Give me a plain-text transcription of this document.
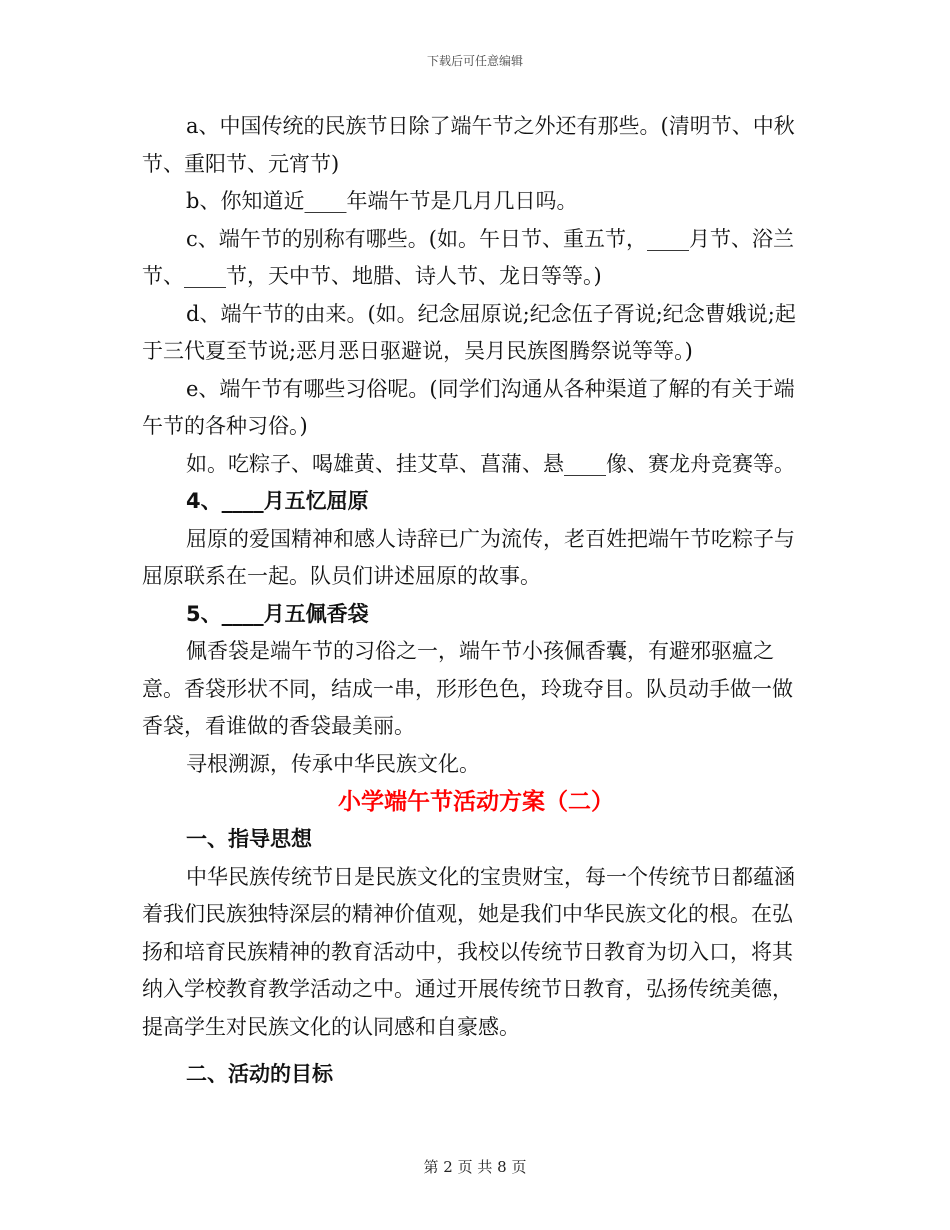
下载后可任意编辑

a、中国传统的民族节日除了端午节之外还有那些。(清明节、中秋节、重阳节、元宵节)

b、你知道近____年端午节是几月几日吗。

c、端午节的别称有哪些。(如。午日节、重五节，____月节、浴兰节、____节，天中节、地腊、诗人节、龙日等等。)

d、端午节的由来。(如。纪念屈原说;纪念伍子胥说;纪念曹娥说;起于三代夏至节说;恶月恶日驱避说，吴月民族图腾祭说等等。)

e、端午节有哪些习俗呢。(同学们沟通从各种渠道了解的有关于端午节的各种习俗。)

如。吃粽子、喝雄黄、挂艾草、菖蒲、悬____像、赛龙舟竞赛等。

4、____月五忆屈原

屈原的爱国精神和感人诗辞已广为流传，老百姓把端午节吃粽子与屈原联系在一起。队员们讲述屈原的故事。

5、____月五佩香袋

佩香袋是端午节的习俗之一，端午节小孩佩香囊，有避邪驱瘟之意。香袋形状不同，结成一串，形形色色，玲珑夺目。队员动手做一做香袋，看谁做的香袋最美丽。

寻根溯源，传承中华民族文化。

小学端午节活动方案（二）

一、指导思想

中华民族传统节日是民族文化的宝贵财宝，每一个传统节日都蕴涵着我们民族独特深层的精神价值观，她是我们中华民族文化的根。在弘扬和培育民族精神的教育活动中，我校以传统节日教育为切入口，将其纳入学校教育教学活动之中。通过开展传统节日教育，弘扬传统美德，提高学生对民族文化的认同感和自豪感。

二、活动的目标

第 2 页 共 8 页
